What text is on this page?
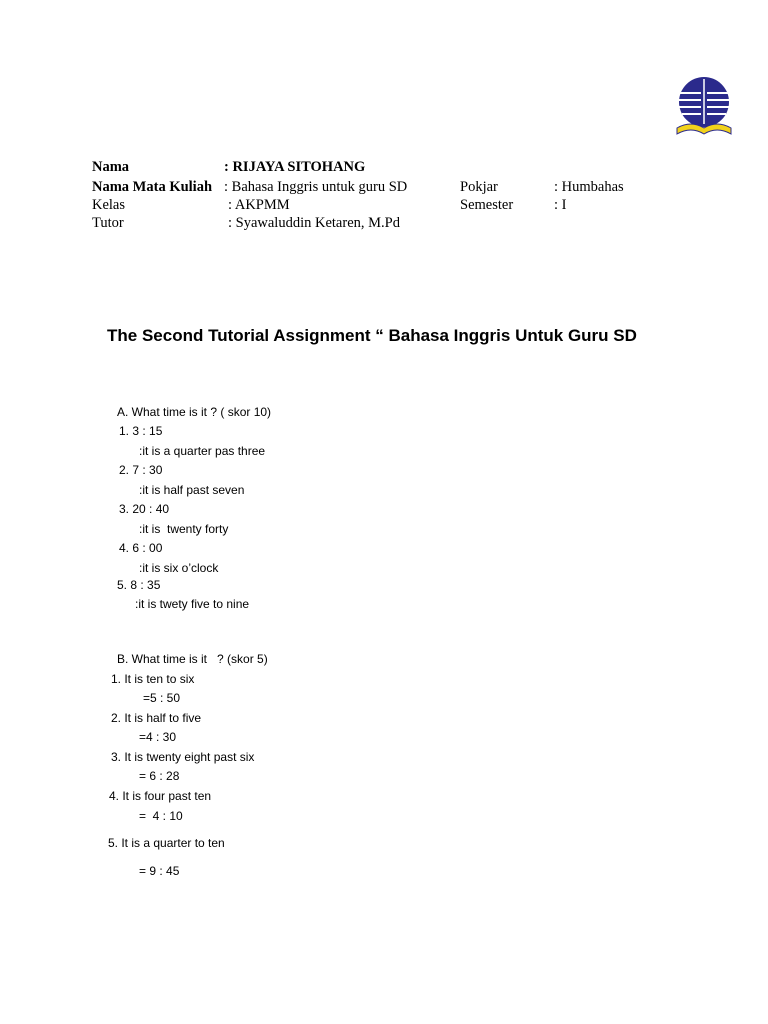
Nama	: RIJAYA SITOHANG
Nama Mata Kuliah : Bahasa Inggris untuk guru SD	Pokjar	: Humbahas
Kelas	: AKPMM	Semester	: I
Tutor	: Syawaluddin Ketaren, M.Pd
The Second Tutorial Assignment “ Bahasa Inggris Untuk Guru SD
A. What time is it ? ( skor 10)
1. 3 : 15
:it is a quarter pas three
2. 7 : 30
:it is half past seven
3. 20 : 40
:it is  twenty forty
4. 6 : 00
:it is six o’clock
5. 8 : 35
:it is twety five to nine
B. What time is it   ? (skor 5)
1. It is ten to six
=5 : 50
2. It is half to five
=4 : 30
3. It is twenty eight past six
= 6 : 28
4. It is four past ten
=  4 : 10
5. It is a quarter to ten
= 9 : 45
